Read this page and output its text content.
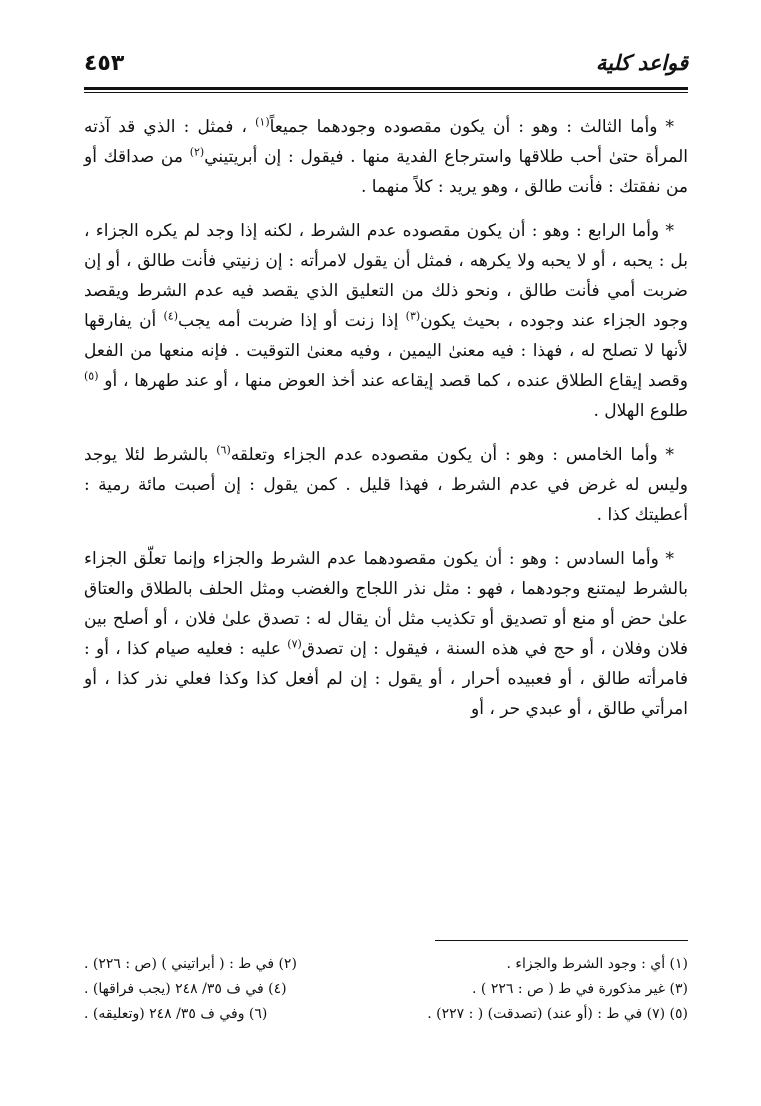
قواعد كلية
٤٥٣

* وأما الثالث : وهو : أن يكون مقصوده وجودهما جميعاً$^{(١)}$ ، فمثل : الذي قد آذته المرأة حتىٰ أحب طلاقها واسترجاع الفدية منها . فيقول : إن أبريتيني$^{(٢)}$ من صداقك أو من نفقتك : فأنت طالق ، وهو يريد : كلاً منهما .

* وأما الرابع : وهو : أن يكون مقصوده عدم الشرط ، لكنه إذا وجد لم يكره الجزاء ، بل : يحبه ، أو لا يحبه ولا يكرهه ، فمثل أن يقول لامرأته : إن زنيتي فأنت طالق ، أو إن ضربت أمي فأنت طالق ، ونحو ذلك من التعليق الذي يقصد فيه عدم الشرط ويقصد وجود الجزاء عند وجوده ، بحيث يكون$^{(٣)}$ إذا زنت أو إذا ضربت أمه يجب$^{(٤)}$ أن يفارقها لأنها لا تصلح له ، فهذا : فيه معنىٰ اليمين ، وفيه معنىٰ التوقيت . فإنه منعها من الفعل وقصد إيقاع الطلاق عنده ، كما قصد إيقاعه عند أخذ العوض منها ، أو عند طهرها ، أو $^{(٥)}$ طلوع الهلال .

* وأما الخامس : وهو : أن يكون مقصوده عدم الجزاء وتعلقه$^{(٦)}$ بالشرط لئلا يوجد وليس له غرض في عدم الشرط ، فهذا قليل . كمن يقول : إن أصبت مائة رمية : أعطيتك كذا .

* وأما السادس : وهو : أن يكون مقصودهما عدم الشرط والجزاء وإنما تعلّق الجزاء بالشرط ليمتنع وجودهما ، فهو : مثل نذر اللجاج والغضب ومثل الحلف بالطلاق والعتاق علىٰ حض أو منع أو تصديق أو تكذيب مثل أن يقال له : تصدق علىٰ فلان ، أو أصلح بين فلان وفلان ، أو حج في هذه السنة ، فيقول : إن تصدق$^{(٧)}$ عليه : فعليه صيام كذا ، أو : فامرأته طالق ، أو فعبيده أحرار ، أو يقول : إن لم أفعل كذا وكذا فعلي نذر كذا ، أو امرأتي طالق ، أو عبدي حر ، أو

(١) أي : وجود الشرط والجزاء .
(٢) في ط : ( أبراتيني ) (ص : ٢٢٦) .
(٣) غير مذكورة في ط ( ص : ٢٢٦ ) .
(٤) في ف ٣٥/ ٢٤٨ (يجب فراقها) .
(٥) (٧) في ط : (أو عند) (تصدقت) ( : ٢٢٧) .
(٦) وفي ف ٣٥/ ٢٤٨ (وتعليقه) .
